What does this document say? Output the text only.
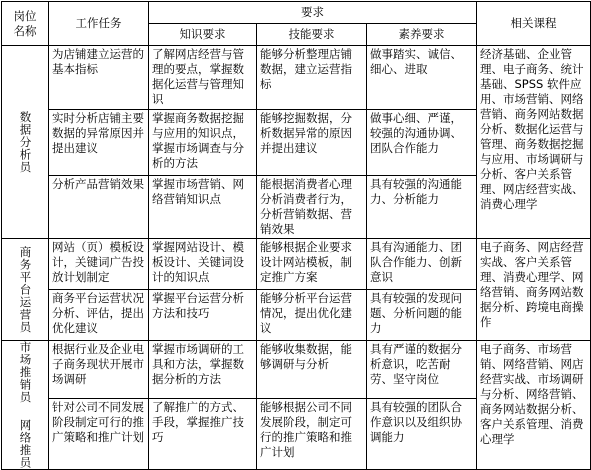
岗位名称	工作任务	要求			相关课程
		知识要求	技能要求	素养要求	
数据分析员	为店铺建立运营的基本指标	了解网店经营与管理的要点，掌握数据化运营与管理知识	能够分析整理店铺数据，建立运营指标	做事踏实、诚信、细心、进取	经济基础、企业管理、电子商务、统计基础、SPSS 软件应用、市场营销、网络营销、商务网站数据分析、数据化运营与管理、商务数据挖掘与应用、市场调研与分析、客户关系管理、网店经营实战、消费心理学
	实时分析店铺主要数据的异常原因并提出建议	掌握商务数据挖掘与应用的知识点，掌握市场调查与分析的方法	能够挖掘数据，分析数据异常的原因并提出建议	做事心细、严谨，较强的沟通协调、团队合作能力	
	分析产品营销效果	掌握市场营销、网络营销知识点	能根据消费者心理分析消费者行为，分析营销数据、营销效果	具有较强的沟通能力、分析能力	
商务平台运营员	网站（页）模板设计，关键词广告投放计划制定	掌握网站设计、模板设计、关键词设计的知识点	能够根据企业要求设计网站模板，制定推广方案	具有沟通能力、团队合作能力、创新意识	电子商务、网店经营实战、客户关系管理、消费心理学、网络营销、商务网站数据分析、跨境电商操作
	商务平台运营状况分析、评估，提出优化建议	掌握平台运营分析方法和技巧	能够分析平台运营情况，提出优化建议	具有较强的发现问题、分析问题的能力	
市场推销员 网络推员	根据行业及企业电子商务现状开展市场调研	掌握市场调研的工具和方法，掌握数据分析的方法	能够收集数据，能够调研与分析	具有严谨的数据分析意识，吃苦耐劳、坚守岗位	电子商务、市场营销、网络营销、网店经营实战、市场调研与分析、网络营销、商务网站数据分析、客户关系管理、消费心理学
	针对公司不同发展阶段制定可行的推广策略和推广计划	了解推广的方式、手段，掌握推广技巧	能够根据公司不同发展阶段，制定可行的推广策略和推广计划	具有较强的团队合作意识以及组织协调能力	
